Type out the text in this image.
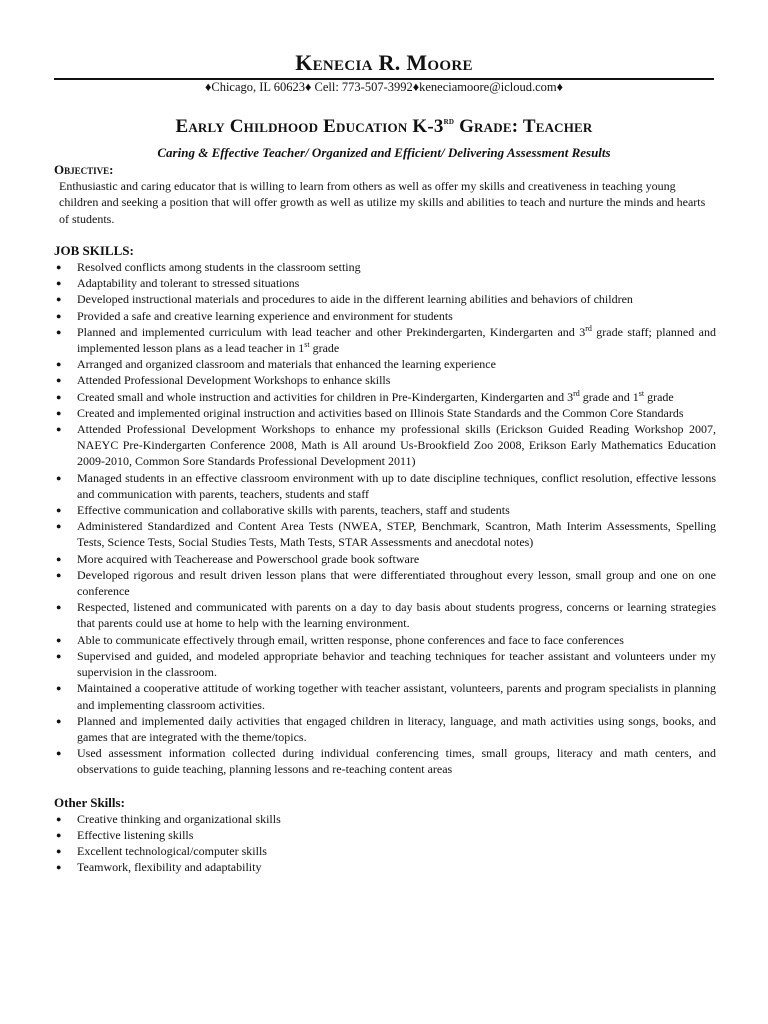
Kenecia R. Moore
♦Chicago, IL 60623♦ Cell: 773-507-3992♦keneciamoore@icloud.com♦
Early Childhood Education K-3rd Grade: Teacher
Caring & Effective Teacher/ Organized and Efficient/ Delivering Assessment Results

Objective:

Enthusiastic and caring educator that is willing to learn from others as well as offer my skills and creativeness in teaching young children and seeking a position that will offer growth as well as utilize my skills and abilities to teach and nurture the minds and hearts of students.

JOB SKILLS:

● Resolved conflicts among students in the classroom setting
● Adaptability and tolerant to stressed situations
● Developed instructional materials and procedures to aide in the different learning abilities and behaviors of children
● Provided a safe and creative learning experience and environment for students
● Planned and implemented curriculum with lead teacher and other Prekindergarten, Kindergarten and 3rd grade staff; planned and implemented lesson plans as a lead teacher in 1st grade
● Arranged and organized classroom and materials that enhanced the learning experience
● Attended Professional Development Workshops to enhance skills
● Created small and whole instruction and activities for children in Pre-Kindergarten, Kindergarten and 3rd grade and 1st grade
● Created and implemented original instruction and activities based on Illinois State Standards and the Common Core Standards
● Attended Professional Development Workshops to enhance my professional skills (Erickson Guided Reading Workshop 2007, NAEYC Pre-Kindergarten Conference 2008, Math is All around Us-Brookfield Zoo 2008, Erikson Early Mathematics Education 2009-2010, Common Sore Standards Professional Development 2011)
● Managed students in an effective classroom environment with up to date discipline techniques, conflict resolution, effective lessons and communication with parents, teachers, students and staff
● Effective communication and collaborative skills with parents, teachers, staff and students
● Administered Standardized and Content Area Tests (NWEA, STEP, Benchmark, Scantron, Math Interim Assessments, Spelling Tests, Science Tests, Social Studies Tests, Math Tests, STAR Assessments and anecdotal notes)
● More acquired with Teacherease and Powerschool grade book software
● Developed rigorous and result driven lesson plans that were differentiated throughout every lesson, small group and one on one conference
● Respected, listened and communicated with parents on a day to day basis about students progress, concerns or learning strategies that parents could use at home to help with the learning environment.
● Able to communicate effectively through email, written response, phone conferences and face to face conferences
● Supervised and guided, and modeled appropriate behavior and teaching techniques for teacher assistant and volunteers under my supervision in the classroom.
● Maintained a cooperative attitude of working together with teacher assistant, volunteers, parents and program specialists in planning and implementing classroom activities.
● Planned and implemented daily activities that engaged children in literacy, language, and math activities using songs, books, and games that are integrated with the theme/topics.
● Used assessment information collected during individual conferencing times, small groups, literacy and math centers, and observations to guide teaching, planning lessons and re-teaching content areas

Other Skills:

● Creative thinking and organizational skills
● Effective listening skills
● Excellent technological/computer skills
● Teamwork, flexibility and adaptability
